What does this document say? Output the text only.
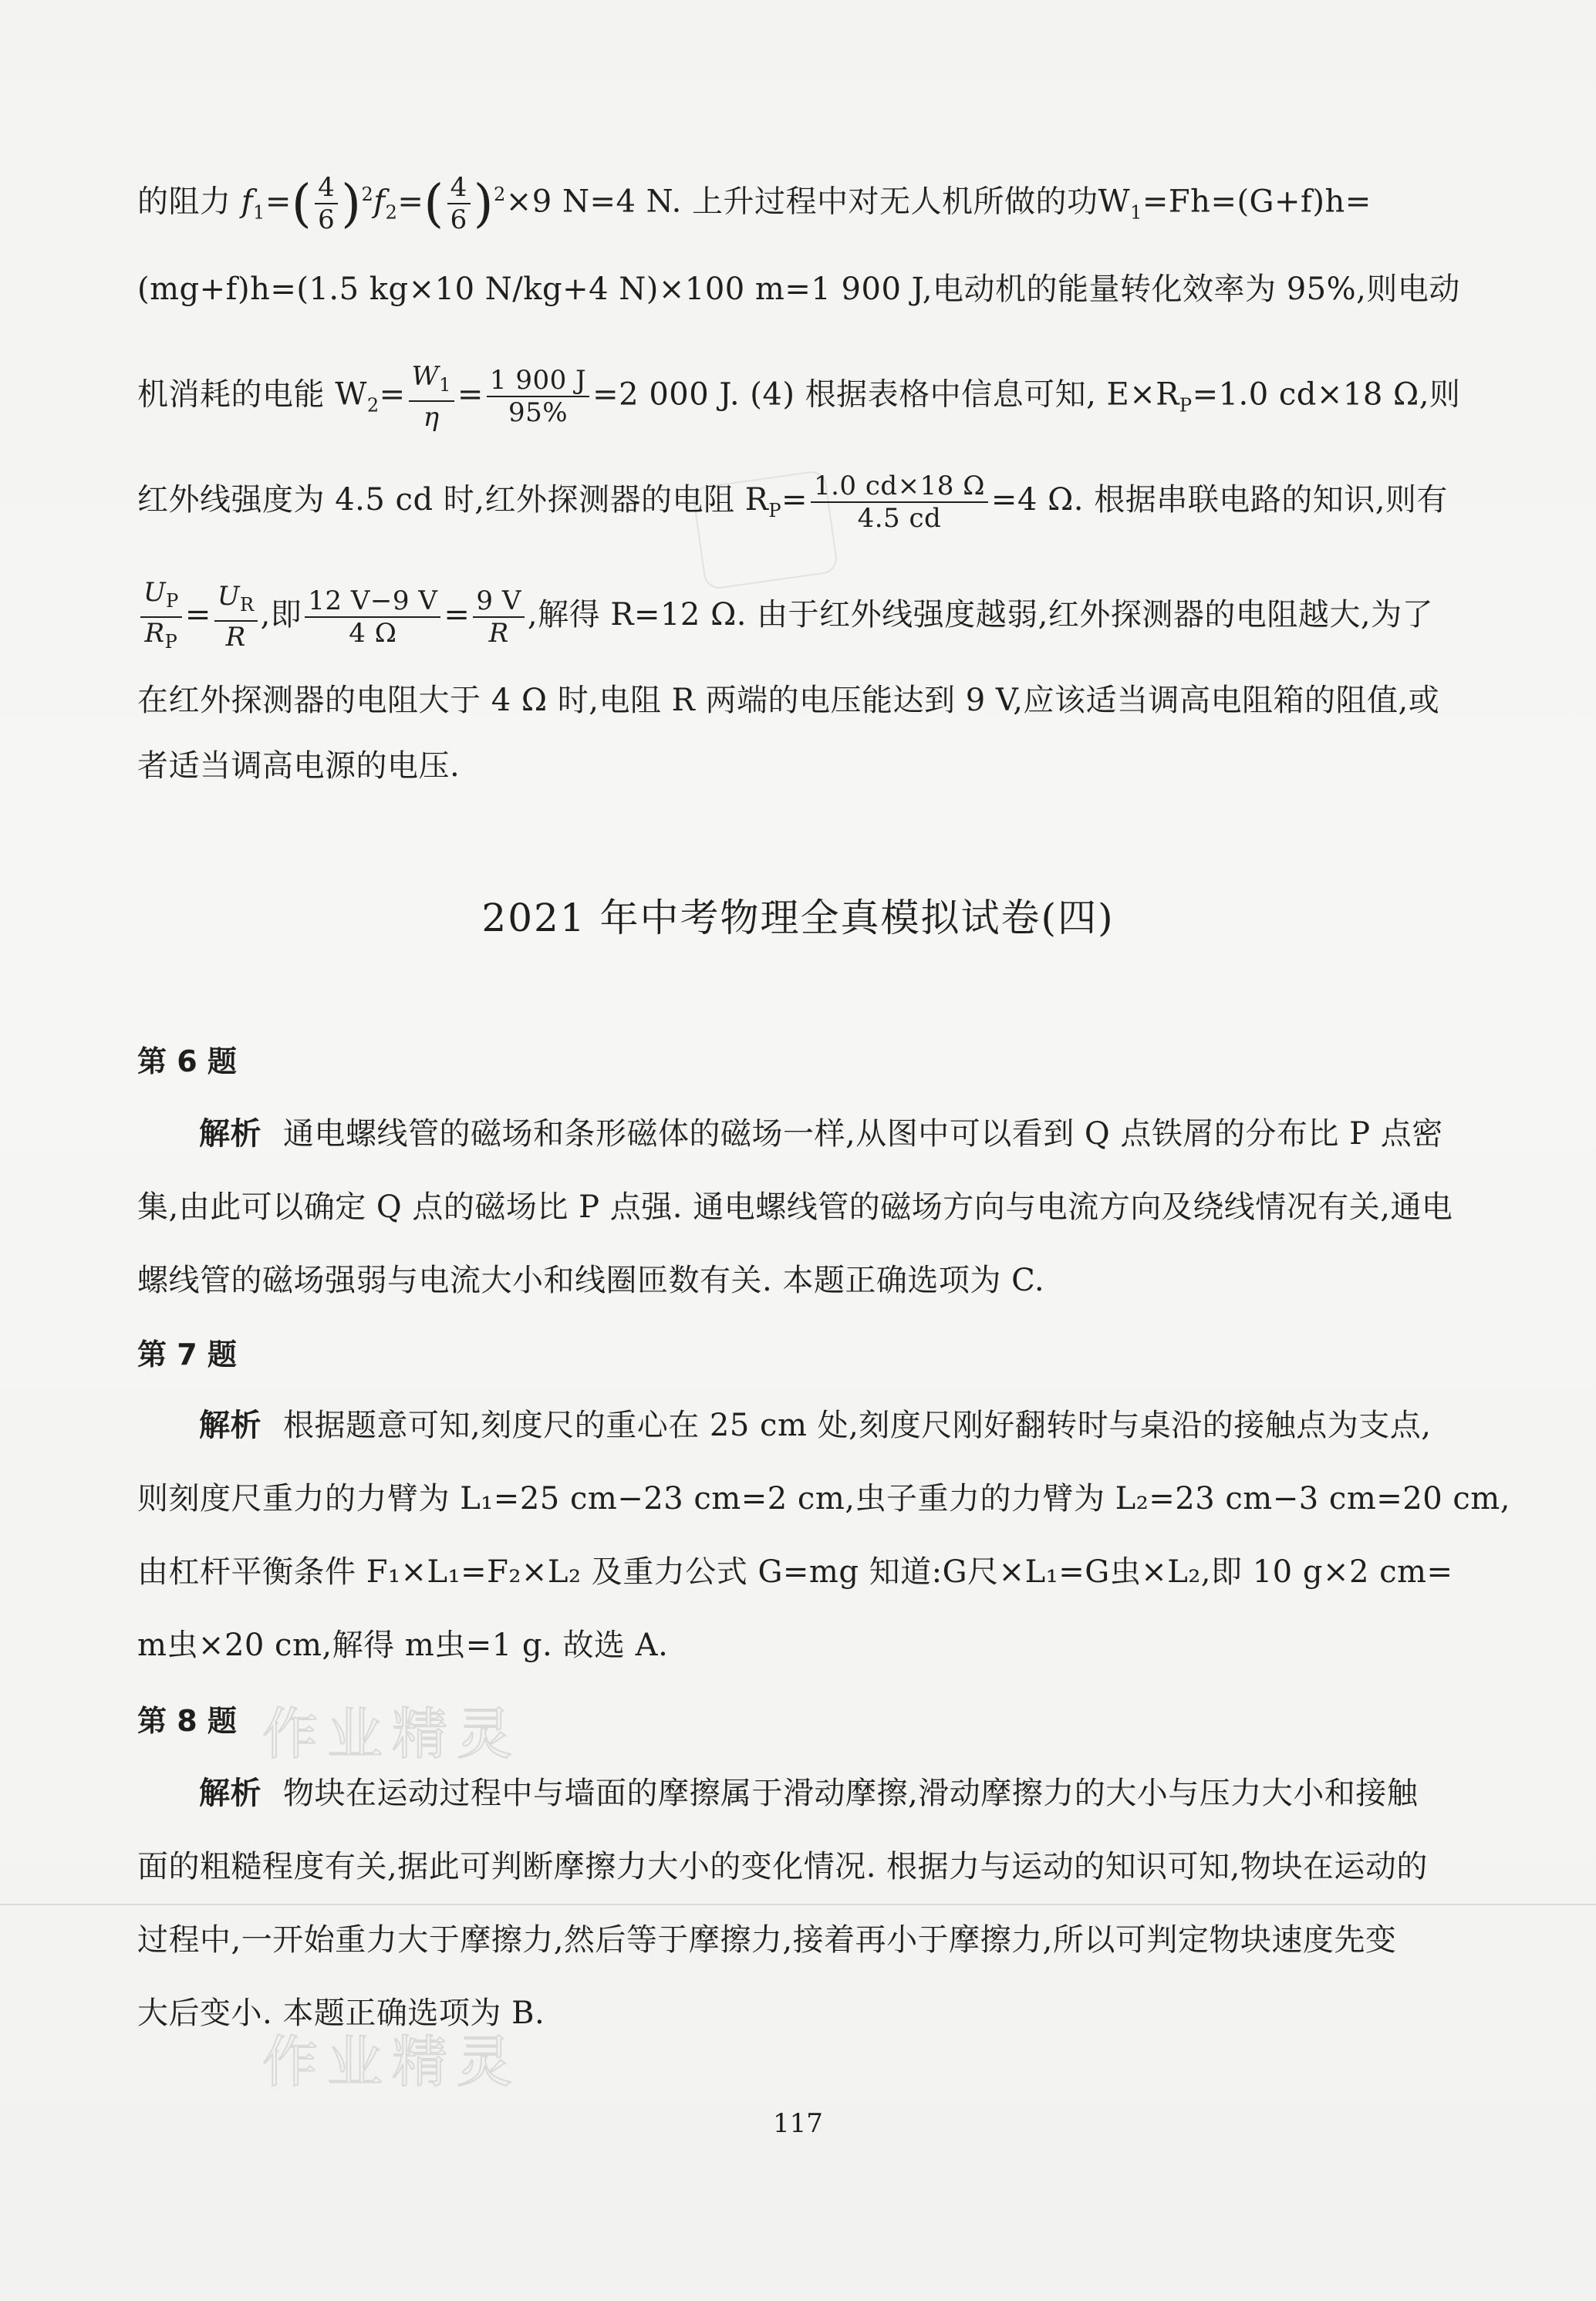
作业精灵
作业精灵
的阻力 $f_1=( \frac{4}{6} )^2f_2=( \frac{4}{6} )^2\times 9$ N=4 N. 上升过程中对无人机所做的功$W_1=Fh=(G+f)h=$
(mg+f)h=(1.5 kg×10 N/kg+4 N)×100 m=1 900 J,电动机的能量转化效率为 95%,则电动
机消耗的电能 $W_2= \frac{W_1}{\eta} = \frac{1 900 J}{95\%} =2$ 000 J. (4) 根据表格中信息可知, $E\times R_P=1.0$ cd×18 Ω,则
红外线强度为 4.5 cd 时,红外探测器的电阻 $R_P= \frac{1.0 cd\times 18 \Omega}{4.5 cd} =4$ Ω. 根据串联电路的知识,则有
$\frac{U_P}{R_P} = \frac{U_R}{R}$ ,即 $\frac{12 V-9 V}{4 \Omega} = \frac{9 V}{R}$ ,解得 R=12 Ω. 由于红外线强度越弱,红外探测器的电阻越大,为了
在红外探测器的电阻大于 4 Ω 时,电阻 R 两端的电压能达到 9 V,应该适当调高电阻箱的阻值,或
者适当调高电源的电压.
2021 年中考物理全真模拟试卷(四)
第 6 题
解析 通电螺线管的磁场和条形磁体的磁场一样,从图中可以看到 Q 点铁屑的分布比 P 点密
集,由此可以确定 Q 点的磁场比 P 点强. 通电螺线管的磁场方向与电流方向及绕线情况有关,通电
螺线管的磁场强弱与电流大小和线圈匝数有关. 本题正确选项为 C.
第 7 题
解析 根据题意可知,刻度尺的重心在 25 cm 处,刻度尺刚好翻转时与桌沿的接触点为支点,
则刻度尺重力的力臂为 L₁=25 cm−23 cm=2 cm,虫子重力的力臂为 L₂=23 cm−3 cm=20 cm,
由杠杆平衡条件 F₁×L₁=F₂×L₂ 及重力公式 G=mg 知道:G尺×L₁=G虫×L₂,即 10 g×2 cm=
m虫×20 cm,解得 m虫=1 g. 故选 A.
第 8 题
解析 物块在运动过程中与墙面的摩擦属于滑动摩擦,滑动摩擦力的大小与压力大小和接触
面的粗糙程度有关,据此可判断摩擦力大小的变化情况. 根据力与运动的知识可知,物块在运动的
过程中,一开始重力大于摩擦力,然后等于摩擦力,接着再小于摩擦力,所以可判定物块速度先变
大后变小. 本题正确选项为 B.
117
